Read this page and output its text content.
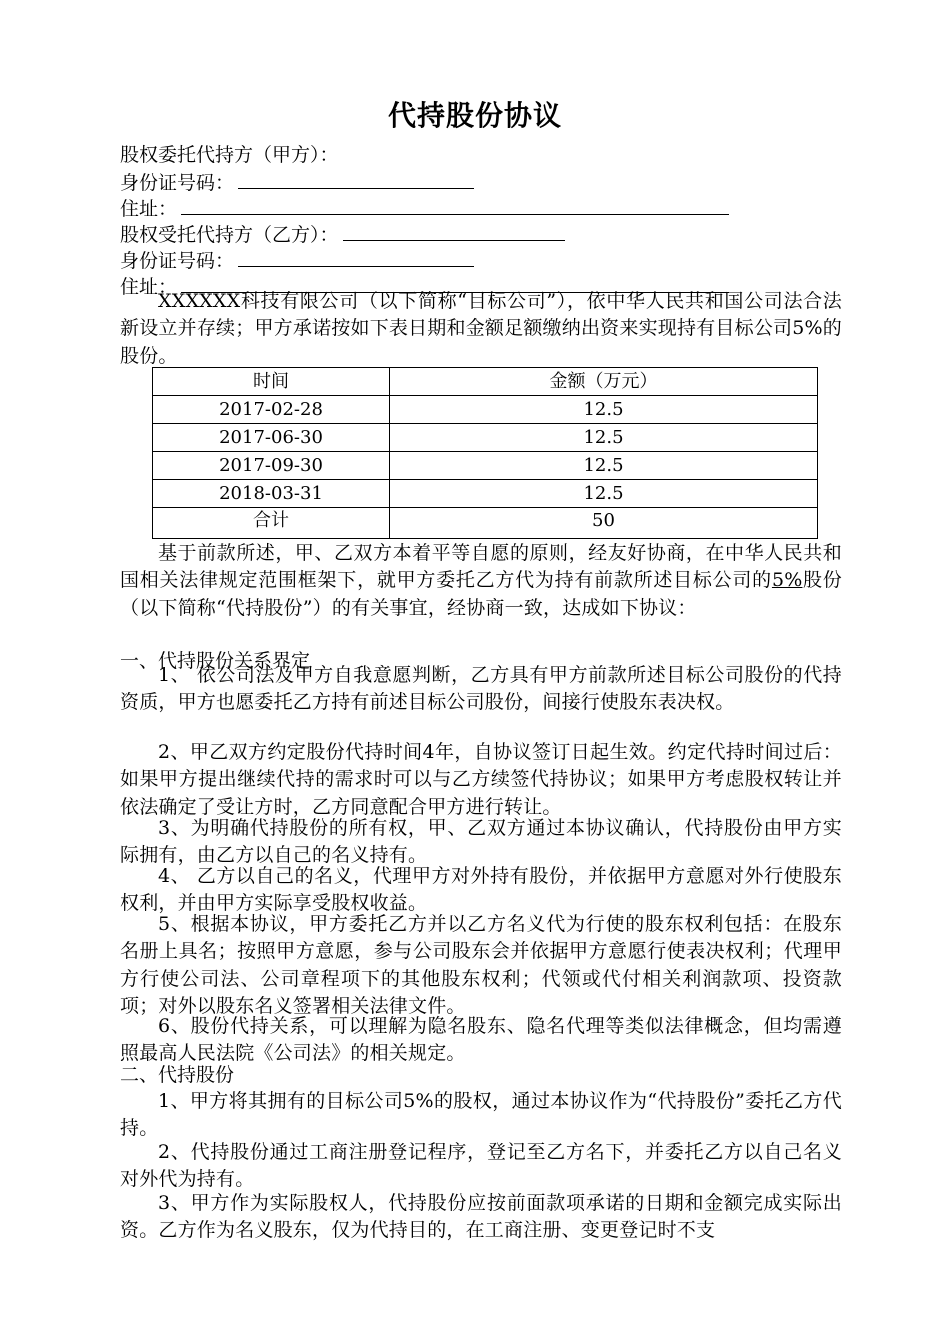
代持股份协议
股权委托代持方（甲方）：
身份证号码：
住址：
股权受托代持方（乙方）：
身份证号码：
住址：
XXXXXX科技有限公司（以下简称“目标公司”），依中华人民共和国公司法合法新设立并存续；甲方承诺按如下表日期和金额足额缴纳出资来实现持有目标公司5%的股份。
时间	金额（万元）
2017-02-28	12.5
2017-06-30	12.5
2017-09-30	12.5
2018-03-31	12.5
合计	50
基于前款所述，甲、乙双方本着平等自愿的原则，经友好协商，在中华人民共和国相关法律规定范围框架下，就甲方委托乙方代为持有前款所述目标公司的5%股份（以下简称“代持股份”）的有关事宜，经协商一致，达成如下协议：
一、代持股份关系界定
1、 依公司法及甲方自我意愿判断，乙方具有甲方前款所述目标公司股份的代持资质，甲方也愿委托乙方持有前述目标公司股份，间接行使股东表决权。
2、甲乙双方约定股份代持时间4年，自协议签订日起生效。约定代持时间过后：如果甲方提出继续代持的需求时可以与乙方续签代持协议；如果甲方考虑股权转让并依法确定了受让方时，乙方同意配合甲方进行转让。
3、为明确代持股份的所有权，甲、乙双方通过本协议确认，代持股份由甲方实际拥有，由乙方以自己的名义持有。
4、 乙方以自己的名义，代理甲方对外持有股份，并依据甲方意愿对外行使股东权利，并由甲方实际享受股权收益。
5、根据本协议，甲方委托乙方并以乙方名义代为行使的股东权利包括：在股东名册上具名；按照甲方意愿，参与公司股东会并依据甲方意愿行使表决权利；代理甲方行使公司法、公司章程项下的其他股东权利；代领或代付相关利润款项、投资款项；对外以股东名义签署相关法律文件。
6、股份代持关系，可以理解为隐名股东、隐名代理等类似法律概念，但均需遵照最高人民法院《公司法》的相关规定。
二、代持股份
1、甲方将其拥有的目标公司5%的股权，通过本协议作为“代持股份”委托乙方代持。
2、代持股份通过工商注册登记程序，登记至乙方名下，并委托乙方以自己名义对外代为持有。
3、甲方作为实际股权人，代持股份应按前面款项承诺的日期和金额完成实际出资。乙方作为名义股东，仅为代持目的，在工商注册、变更登记时不支
